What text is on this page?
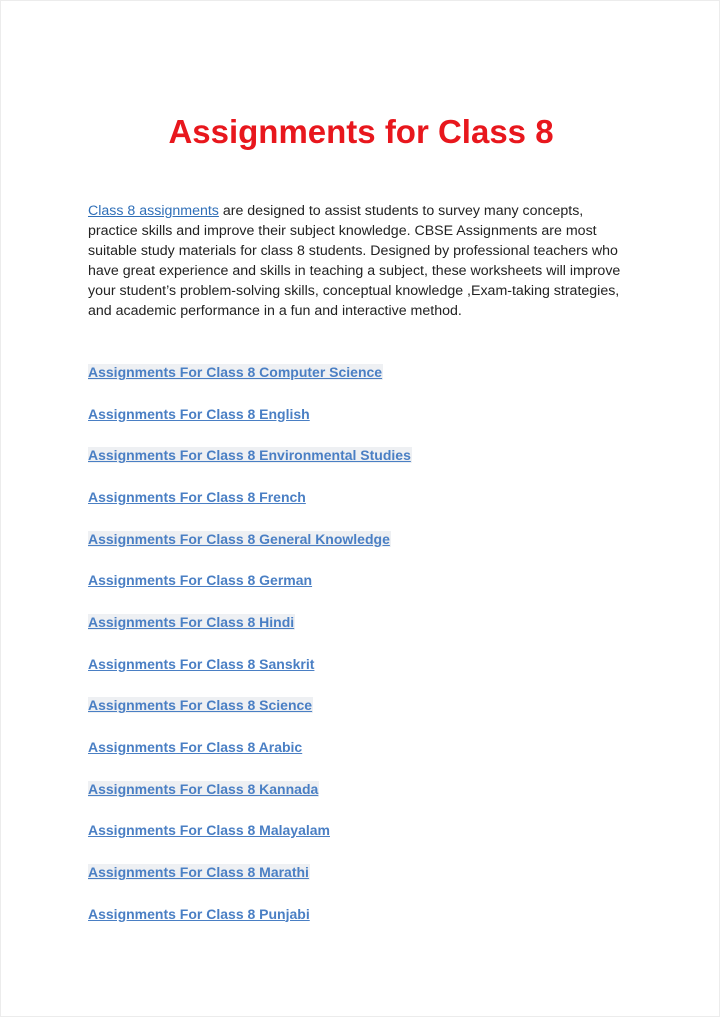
Assignments for Class 8

Class 8 assignments are designed to assist students to survey many concepts, practice skills and improve their subject knowledge. CBSE Assignments are most suitable study materials for class 8 students. Designed by professional teachers who have great experience and skills in teaching a subject, these worksheets will improve your student’s problem-solving skills, conceptual knowledge ,Exam-taking strategies, and academic performance in a fun and interactive method.

Assignments For Class 8 Computer Science
Assignments For Class 8 English
Assignments For Class 8 Environmental Studies
Assignments For Class 8 French
Assignments For Class 8 General Knowledge
Assignments For Class 8 German
Assignments For Class 8 Hindi
Assignments For Class 8 Sanskrit
Assignments For Class 8 Science
Assignments For Class 8 Arabic
Assignments For Class 8 Kannada
Assignments For Class 8 Malayalam
Assignments For Class 8 Marathi
Assignments For Class 8 Punjabi
